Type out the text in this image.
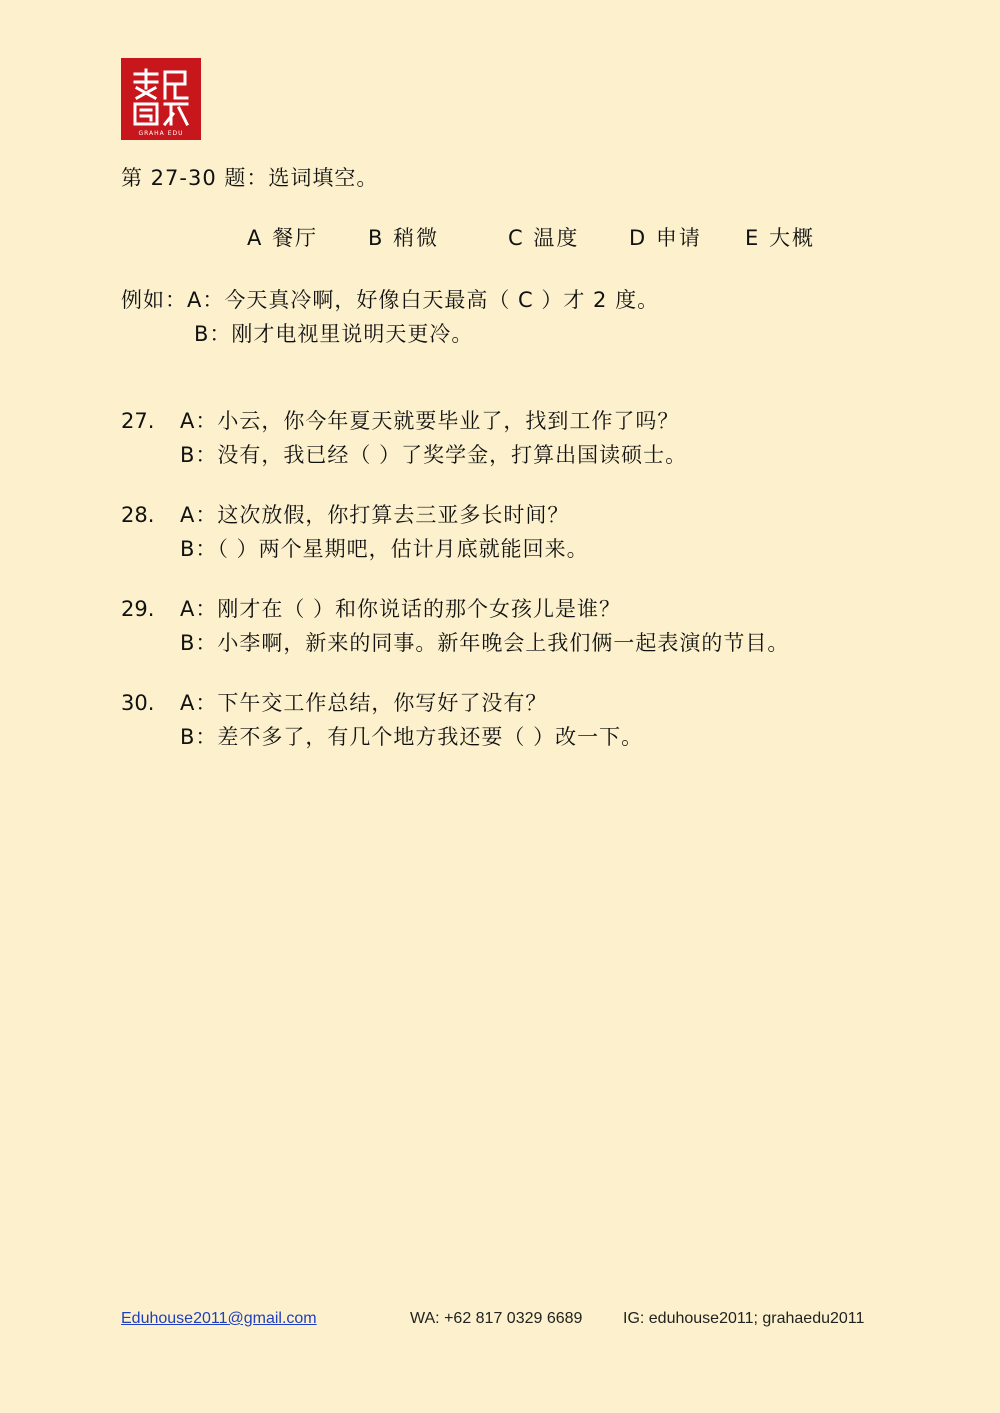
GRAHA EDU
第 27-30 题：选词填空。
A 餐厅 B 稍微	C 温度 D 申请 E 大概
例如：A：今天真冷啊，好像白天最高（ C ）才 2 度。
B：刚才电视里说明天更冷。
27. A：小云，你今年夏天就要毕业了，找到工作了吗？
B：没有，我已经（ ）了奖学金，打算出国读硕士。
28. A：这次放假，你打算去三亚多长时间？
B：（ ）两个星期吧，估计月底就能回来。
29. A：刚才在（ ）和你说话的那个女孩儿是谁？
B：小李啊，新来的同事。新年晚会上我们俩一起表演的节目。
30. A：下午交工作总结，你写好了没有？
B：差不多了，有几个地方我还要（ ）改一下。
Eduhouse2011@gmail.com	WA: +62 817 0329 6689	IG: eduhouse2011; grahaedu2011
